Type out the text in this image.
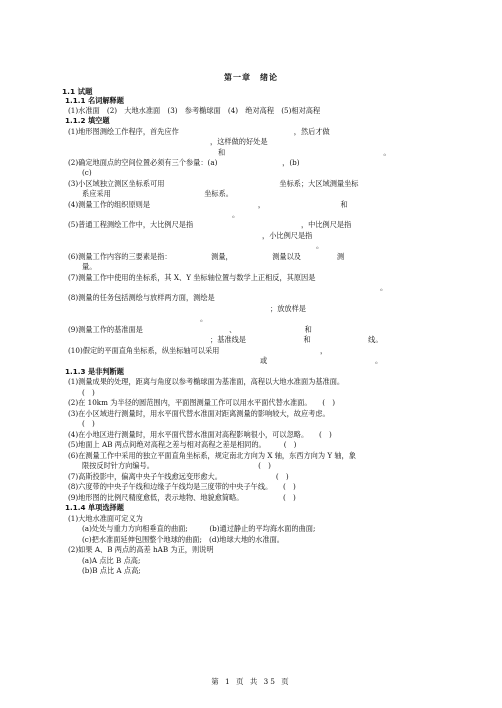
第一章　绪论
1.1 试题
1.1.1 名词解释题
(1)水准面　(2)　大地水准面　(3)　参考椭球面　(4)　绝对高程　(5)相对高程
1.1.2 填空题
(1)地形图测绘工作程序，首先应作　　　　　　　　　　　　　　　　，然后才做
，这样做的好处是
和　　　　　　　　　　　　　　　　　　　　　　。
(2)确定地面点的空间位置必须有三个参量：(a)　　　　　　　　　，(b)
(c)
(3)小区域独立测区坐标系可用　　　　　　　　　　　　　　　　坐标系；大区域测量坐标
系应采用　　　　　　　　　　　　　坐标系。
(4)测量工作的组织原则是　　　　　　　　　　　　　　　，　　　　　　　　　　　和
。
(5)普通工程测绘工作中，大比例尺是指　　　　　　　　　　　　　　　，中比例尺是指
，小比例尺是指
。
(6)测量工作内容的三要素是指：　　　　　　测量，　　　　　　测量以及　　　　　测
量。
(7)测量工作中使用的坐标系，其 X、Y 坐标轴位置与数学上正相反，其原因是
。
(8)测量的任务包括测绘与放样两方面，测绘是
；放放样是
。
(9)测量工作的基准面是　　　　　　　　　　　　、　　　　　　　　　　和
；基准线是　　　　　　　　和　　　　　　　　线。
(10)假定的平面直角坐标系，纵坐标轴可以采用　　　　　　　　　　　　　　，
或　　　　　　　　　　　　　　　。
1.1.3 是非判断题
(1)测量成果的处理，距离与角度以参考椭球面为基准面，高程以大地水准面为基准面。
(　)
(2)在 10km 为半径的圆范围内，平面图测量工作可以用水平面代替水准面。　　(　)
(3)在小区域进行测量时，用水平面代替水准面对距离测量的影响较大，故应考虑。
(　)
(4)在小地区进行测量时，用水平面代替水准面对高程影响很小，可以忽略。　　(　)
(5)地面上 AB 两点间绝对高程之差与相对高程之差是相同的。　　　(　)
(6)在测量工作中采用的独立平面直角坐标系，规定南北方向为 X 轴，东西方向为 Y 轴，象
限按反时针方向编号。　　　　　　　　　　　　　　　(　)
(7)高斯投影中，偏离中央子午线愈远变形愈大。　　　　　　　　(　)
(8)六度带的中央子午线和边缘子午线均是三度带的中央子午线。　　(　)
(9)地形图的比例尺精度愈低，表示地物、地貌愈简略。　　　　　　(　)
1.1.4 单项选择题
(1)大地水准面可定义为
(a)处处与重力方向相垂直的曲面;　　　(b)通过静止的平均海水面的曲面;
(c)把水准面延伸包围整个地球的曲面;　(d)地球大地的水准面。
(2)如果 A、B 两点的高差 hAB 为正，则说明
(a)A 点比 B 点高;
(b)B 点比 A 点高;
第 1 页 共 35 页
